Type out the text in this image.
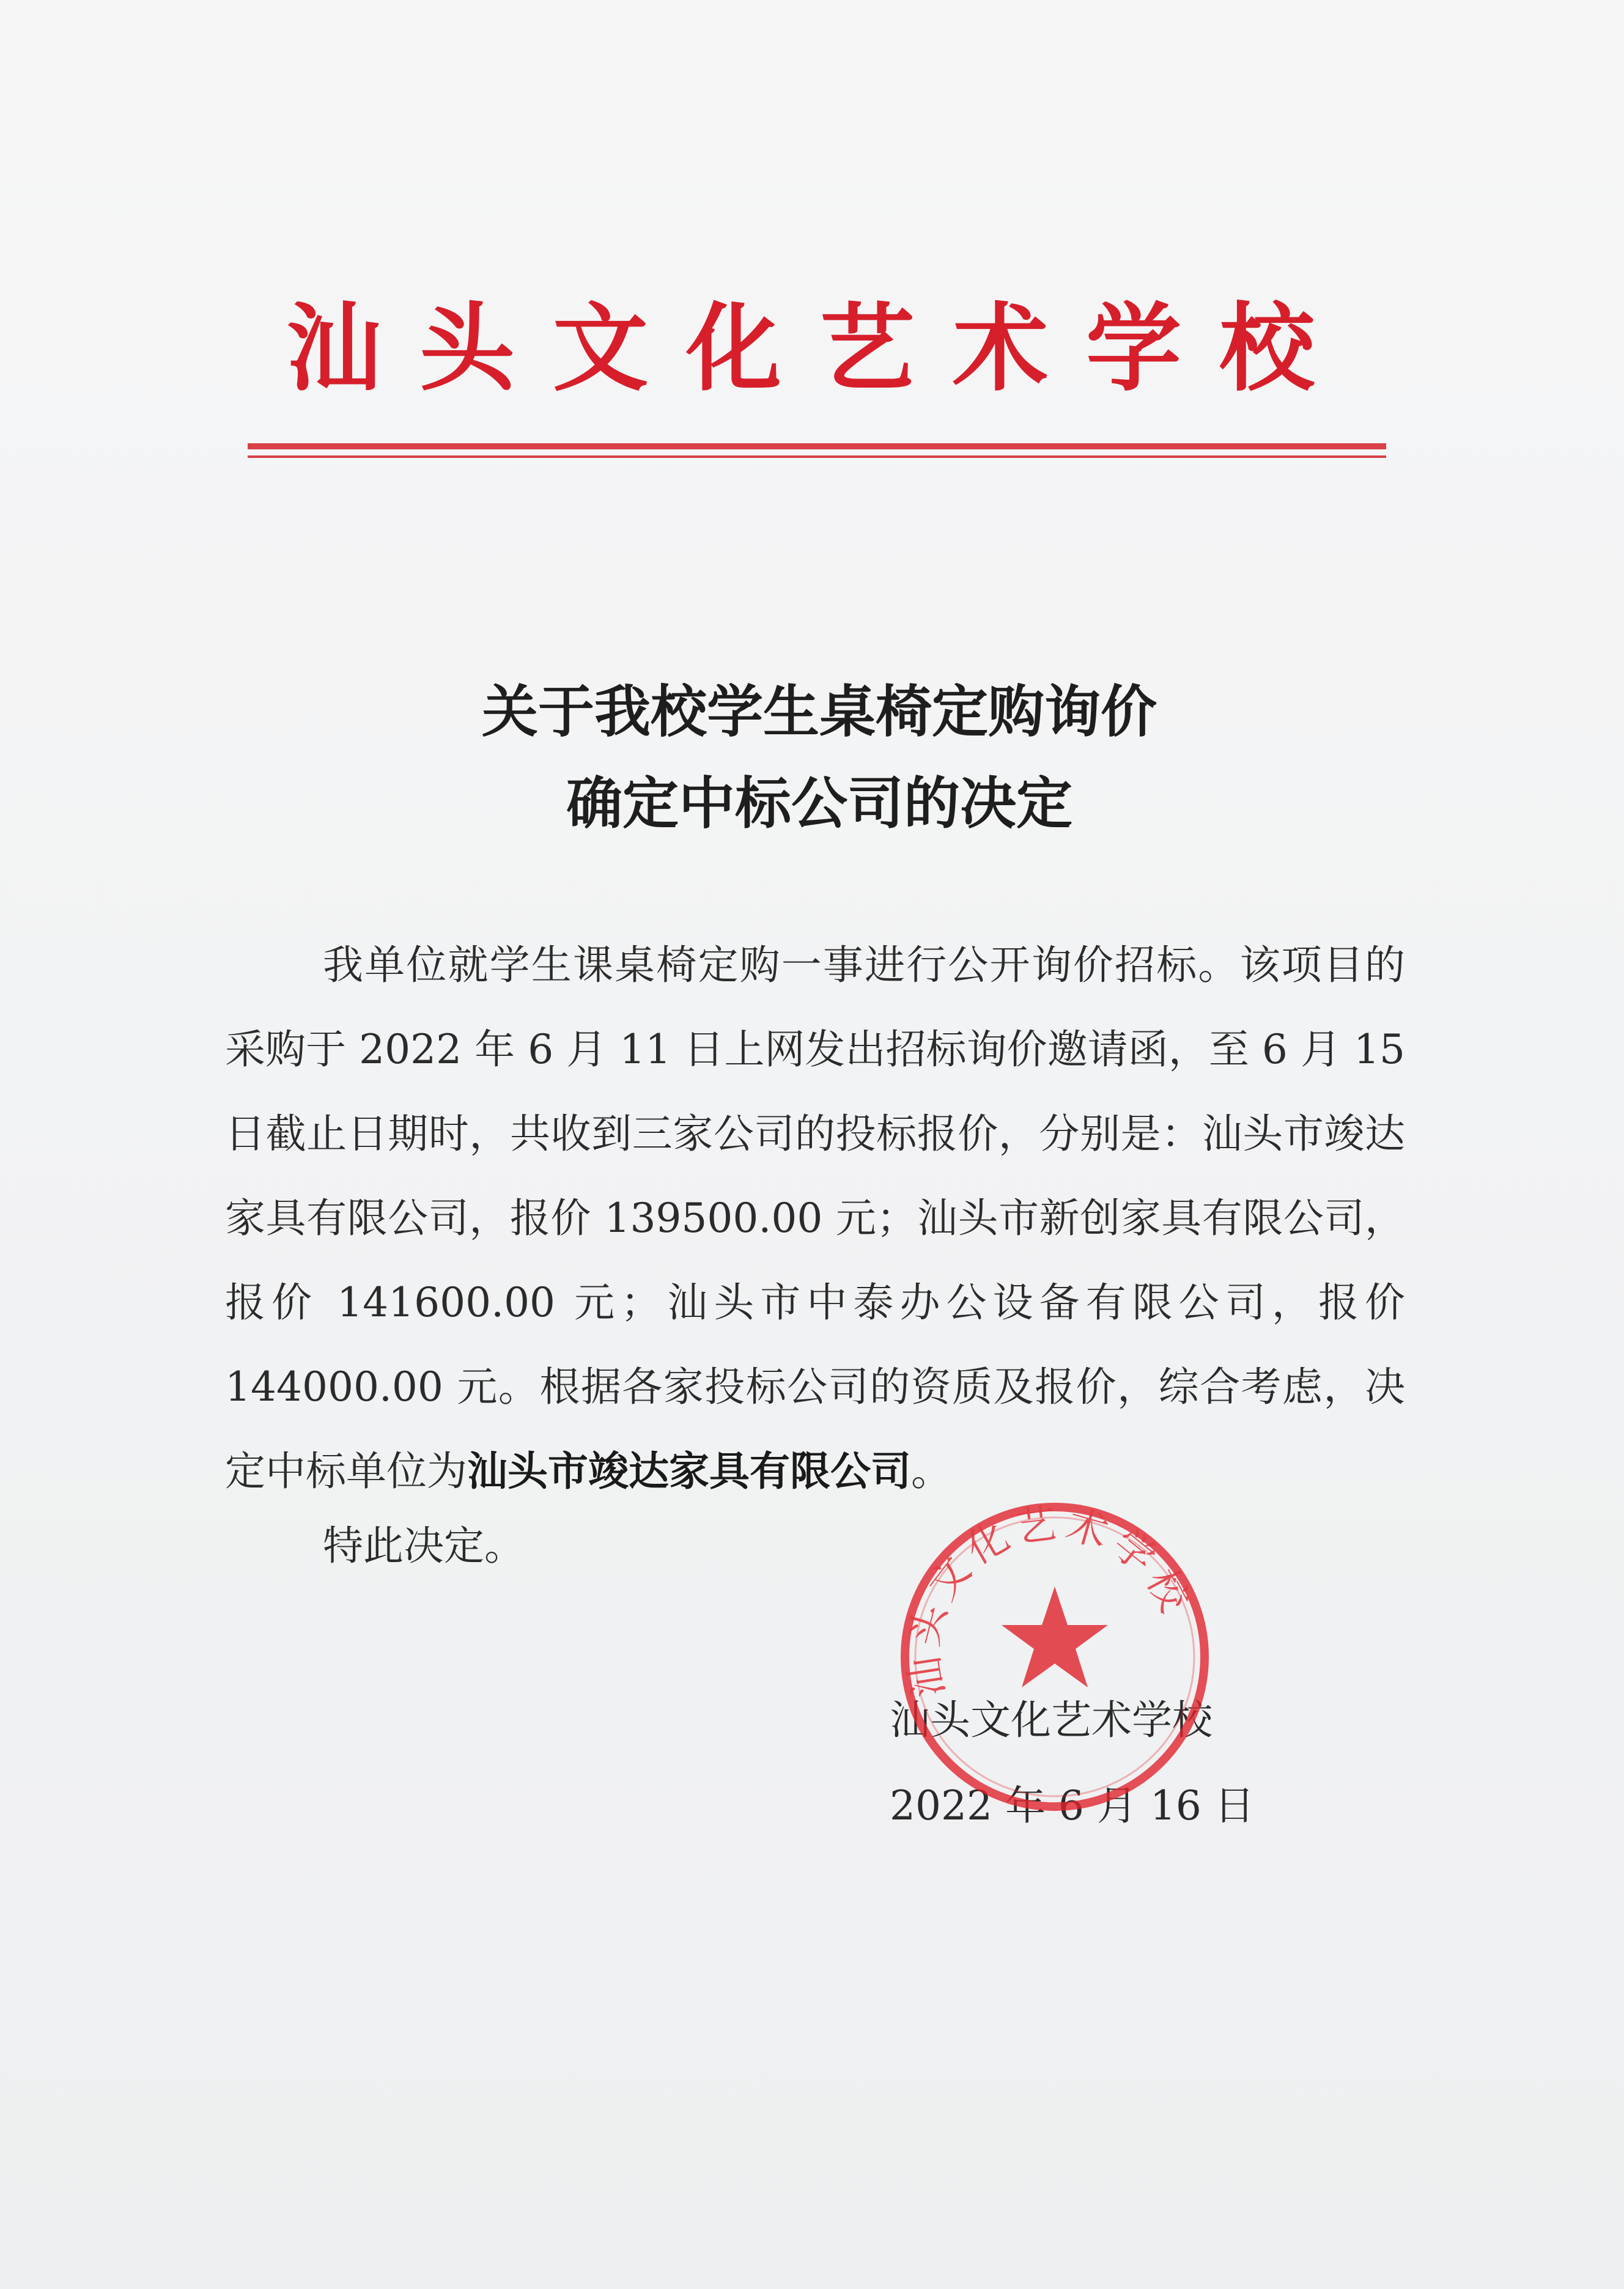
汕头文化艺术学校
关于我校学生桌椅定购询价
确定中标公司的决定

我单位就学生课桌椅定购一事进行公开询价招标。该项目的采购于 2022 年 6 月 11 日上网发出招标询价邀请函，至 6 月 15 日截止日期时，共收到三家公司的投标报价，分别是：汕头市竣达家具有限公司，报价 139500.00 元；汕头市新创家具有限公司，报价 141600.00 元；汕头市中泰办公设备有限公司，报价 144000.00 元。根据各家投标公司的资质及报价，综合考虑，决定中标单位为汕头市竣达家具有限公司。

特此决定。
汕头文化艺术学校
2022 年 6 月 16 日
汕头文化艺术学校
